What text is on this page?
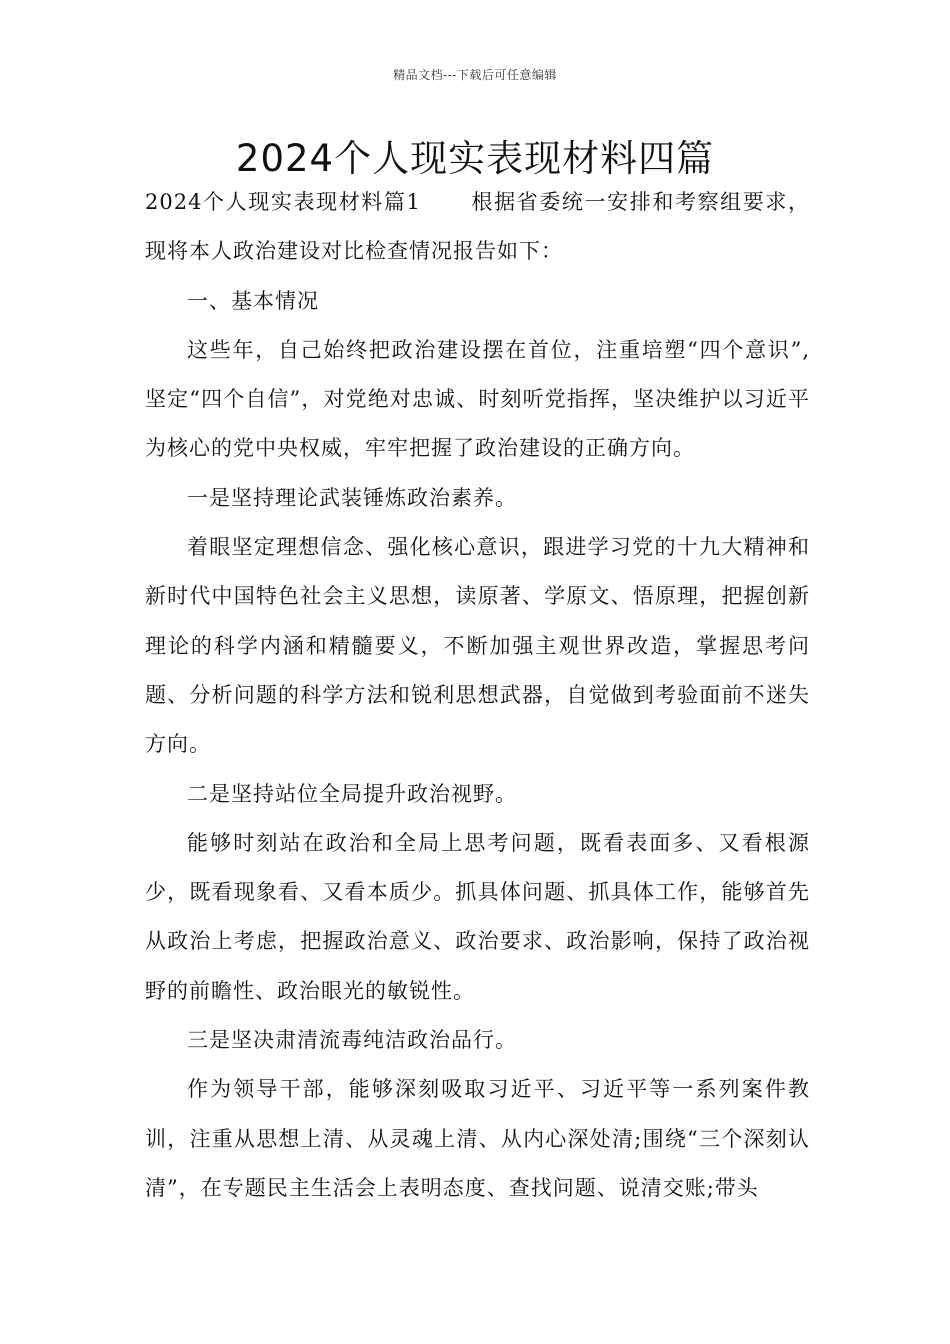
精品文档---下载后可任意编辑
2024个人现实表现材料四篇

2024个人现实表现材料篇1 根据省委统一安排和考察组要求，现将本人政治建设对比检查情况报告如下：

一、基本情况

这些年，自己始终把政治建设摆在首位，注重培塑“四个意识”,坚定“四个自信”，对党绝对忠诚、时刻听党指挥，坚决维护以习近平为核心的党中央权威，牢牢把握了政治建设的正确方向。

一是坚持理论武装锤炼政治素养。

着眼坚定理想信念、强化核心意识，跟进学习党的十九大精神和新时代中国特色社会主义思想，读原著、学原文、悟原理，把握创新理论的科学内涵和精髓要义，不断加强主观世界改造，掌握思考问题、分析问题的科学方法和锐利思想武器，自觉做到考验面前不迷失方向。

二是坚持站位全局提升政治视野。

能够时刻站在政治和全局上思考问题，既看表面多、又看根源少，既看现象看、又看本质少。抓具体问题、抓具体工作，能够首先从政治上考虑，把握政治意义、政治要求、政治影响，保持了政治视野的前瞻性、政治眼光的敏锐性。

三是坚决肃清流毒纯洁政治品行。

作为领导干部，能够深刻吸取习近平、习近平等一系列案件教训，注重从思想上清、从灵魂上清、从内心深处清;围绕“三个深刻认清”，在专题民主生活会上表明态度、查找问题、说清交账;带头
